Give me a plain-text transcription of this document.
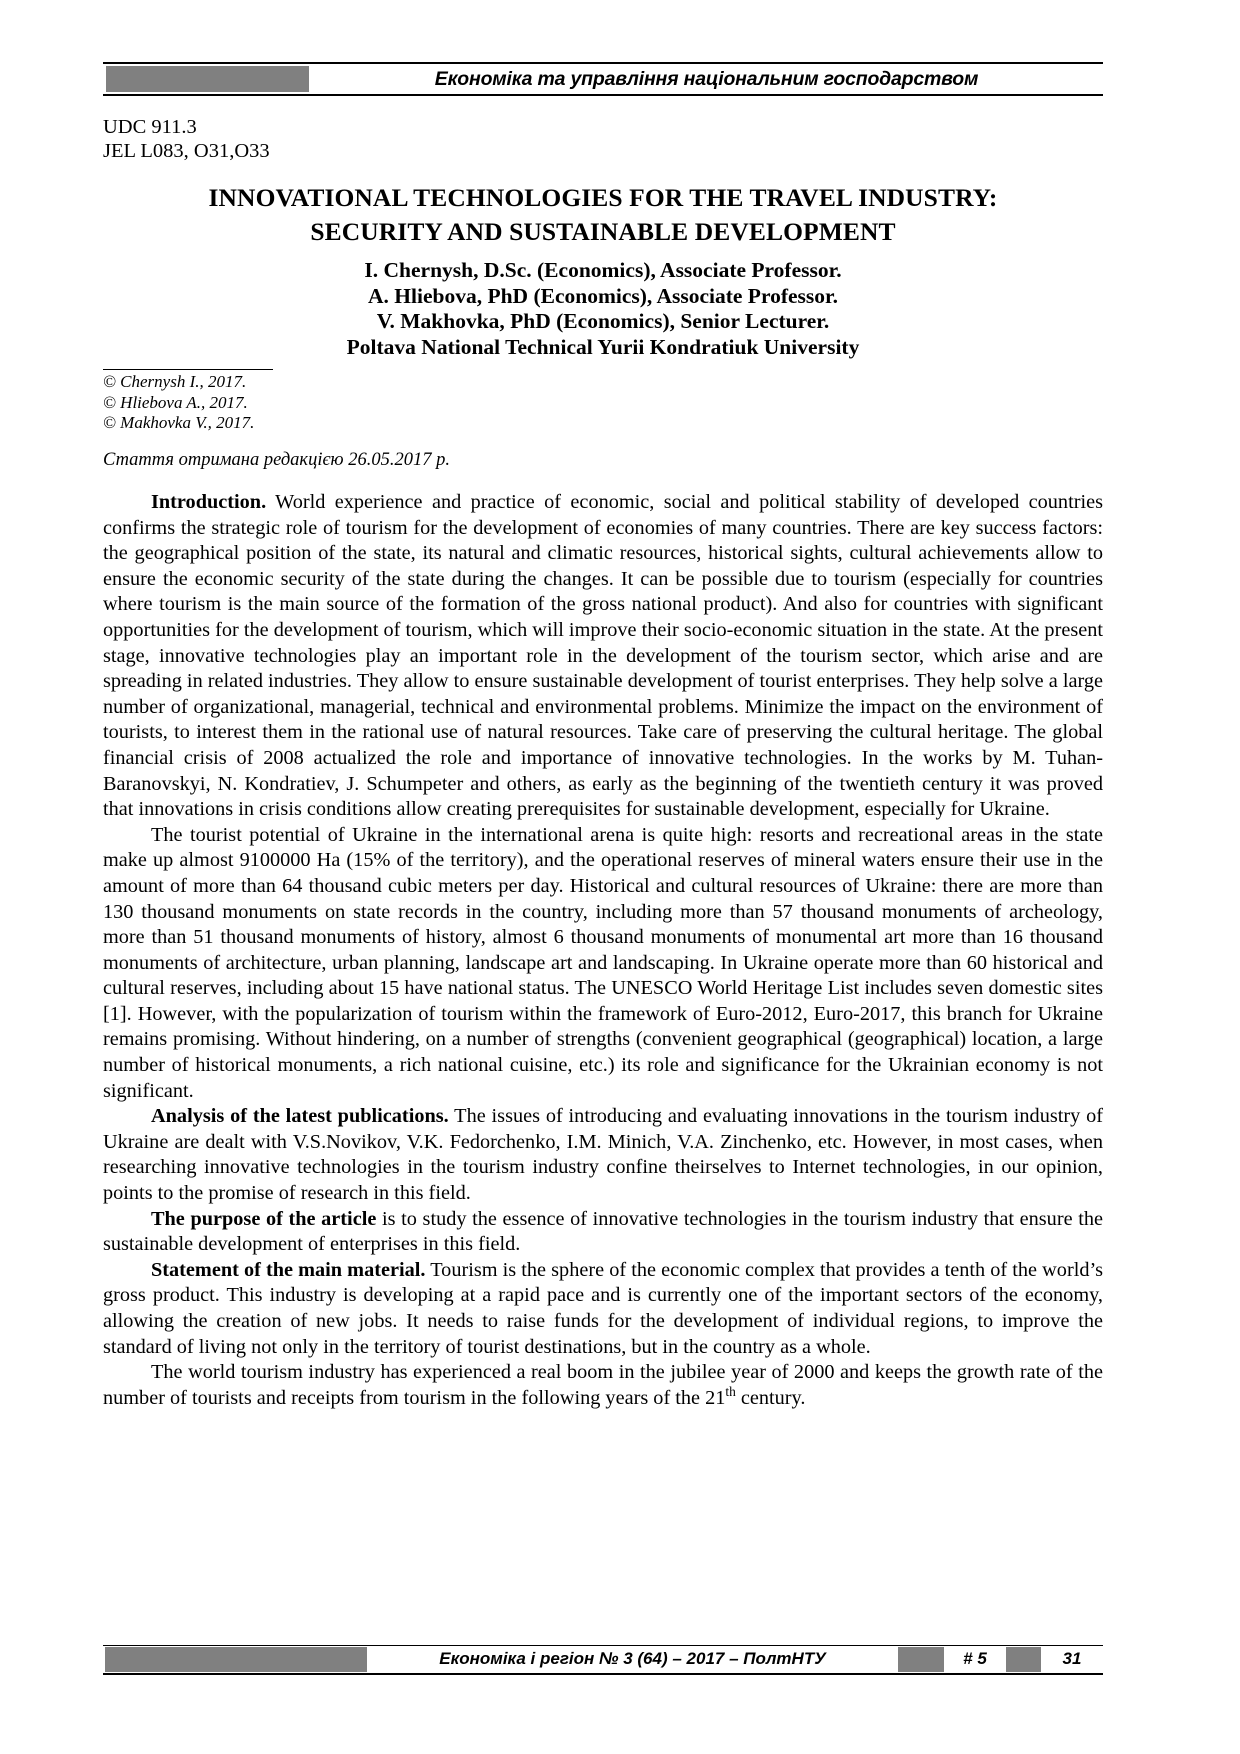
Економіка та управління національним господарством
UDC 911.3
JEL L083, O31,O33
INNOVATIONAL TECHNOLOGIES FOR THE TRAVEL INDUSTRY:
SECURITY AND SUSTAINABLE DEVELOPMENT
I. Chernysh, D.Sc. (Economics), Associate Professor.
A. Hliebova, PhD (Economics), Associate Professor.
V. Makhovka, PhD (Economics), Senior Lecturer.
Poltava National Technical Yurii Kondratiuk University
© Chernysh I., 2017.
© Hliebova A., 2017.
© Makhovka V., 2017.
Стаття отримана редакцією 26.05.2017 р.

Introduction. World experience and practice of economic, social and political stability of developed countries confirms the strategic role of tourism for the development of economies of many countries. There are key success factors: the geographical position of the state, its natural and climatic resources, historical sights, cultural achievements allow to ensure the economic security of the state during the changes. It can be possible due to tourism (especially for countries where tourism is the main source of the formation of the gross national product). And also for countries with significant opportunities for the development of tourism, which will improve their socio-economic situation in the state. At the present stage, innovative technologies play an important role in the development of the tourism sector, which arise and are spreading in related industries. They allow to ensure sustainable development of tourist enterprises. They help solve a large number of organizational, managerial, technical and environmental problems. Minimize the impact on the environment of tourists, to interest them in the rational use of natural resources. Take care of preserving the cultural heritage. The global financial crisis of 2008 actualized the role and importance of innovative technologies. In the works by M. Tuhan-Baranovskyi, N. Kondratiev, J. Schumpeter and others, as early as the beginning of the twentieth century it was proved that innovations in crisis conditions allow creating prerequisites for sustainable development, especially for Ukraine.

The tourist potential of Ukraine in the international arena is quite high: resorts and recreational areas in the state make up almost 9100000 Ha (15% of the territory), and the operational reserves of mineral waters ensure their use in the amount of more than 64 thousand cubic meters per day. Historical and cultural resources of Ukraine: there are more than 130 thousand monuments on state records in the country, including more than 57 thousand monuments of archeology, more than 51 thousand monuments of history, almost 6 thousand monuments of monumental art more than 16 thousand monuments of architecture, urban planning, landscape art and landscaping. In Ukraine operate more than 60 historical and cultural reserves, including about 15 have national status. The UNESCO World Heritage List includes seven domestic sites [1]. However, with the popularization of tourism within the framework of Euro-2012, Euro-2017, this branch for Ukraine remains promising. Without hindering, on a number of strengths (convenient geographical (geographical) location, a large number of historical monuments, a rich national cuisine, etc.) its role and significance for the Ukrainian economy is not significant.

Analysis of the latest publications. The issues of introducing and evaluating innovations in the tourism industry of Ukraine are dealt with V.S.Novikov, V.K. Fedorchenko, I.M. Minich, V.A. Zinchenko, etc. However, in most cases, when researching innovative technologies in the tourism industry confine theirselves to Internet technologies, in our opinion, points to the promise of research in this field.

The purpose of the article is to study the essence of innovative technologies in the tourism industry that ensure the sustainable development of enterprises in this field.

Statement of the main material. Tourism is the sphere of the economic complex that provides a tenth of the world’s gross product. This industry is developing at a rapid pace and is currently one of the important sectors of the economy, allowing the creation of new jobs. It needs to raise funds for the development of individual regions, to improve the standard of living not only in the territory of tourist destinations, but in the country as a whole.

The world tourism industry has experienced a real boom in the jubilee year of 2000 and keeps the growth rate of the number of tourists and receipts from tourism in the following years of the 21th century.

Економіка і регіон № 3 (64) – 2017 – ПолтНТУ	# 5	31
